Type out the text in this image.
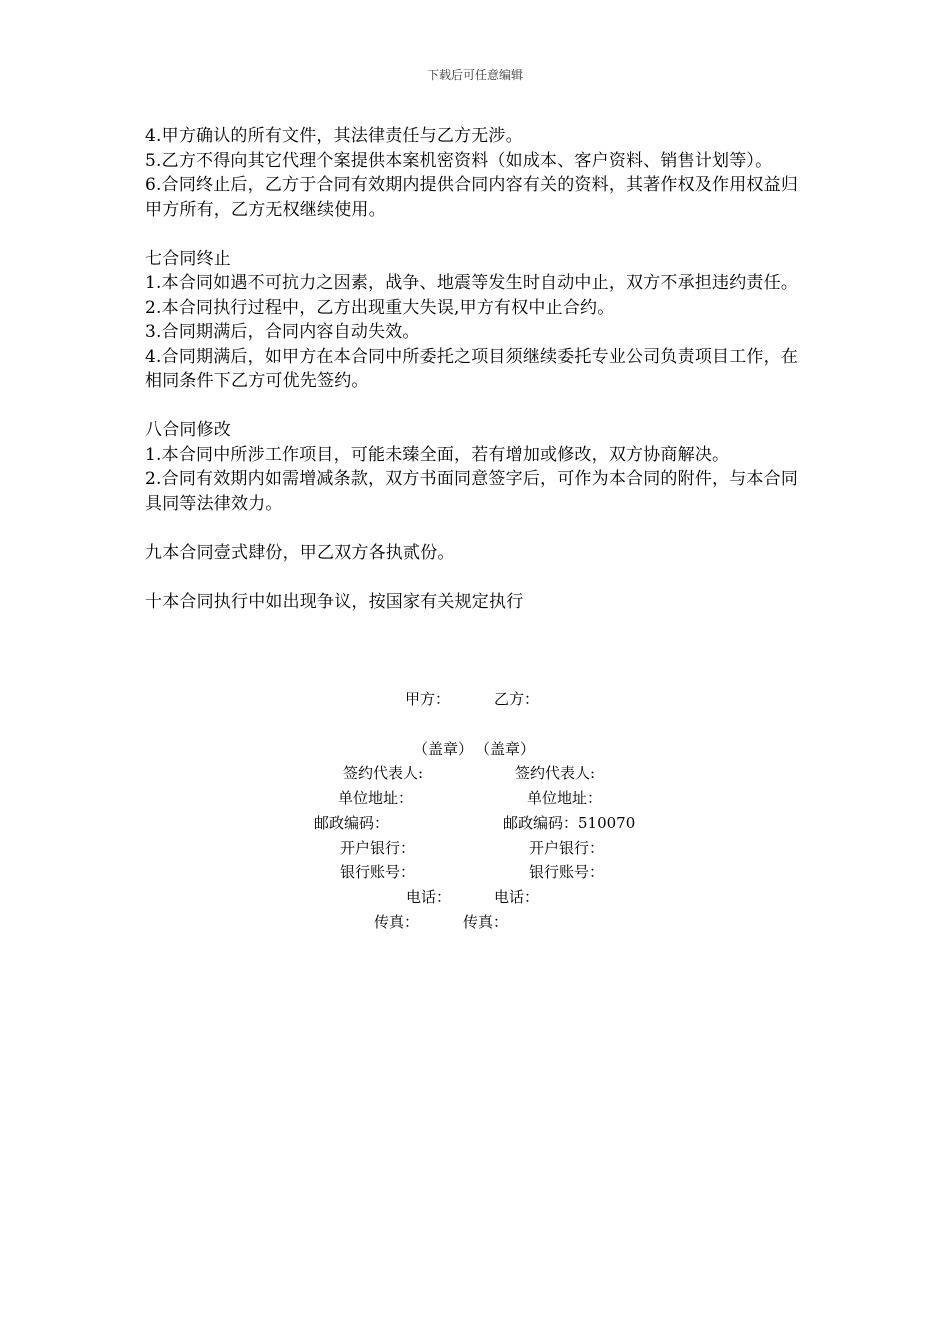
下载后可任意编辑

4.甲方确认的所有文件，其法律责任与乙方无涉。

5.乙方不得向其它代理个案提供本案机密资料（如成本、客户资料、销售计划等）。

6.合同终止后，乙方于合同有效期内提供合同内容有关的资料，其著作权及作用权益归甲方所有，乙方无权继续使用。

七合同终止

1.本合同如遇不可抗力之因素，战争、地震等发生时自动中止，双方不承担违约责任。

2.本合同执行过程中，乙方出现重大失误,甲方有权中止合约。

3.合同期满后，合同内容自动失效。

4.合同期满后，如甲方在本合同中所委托之项目须继续委托专业公司负责项目工作，在相同条件下乙方可优先签约。

八合同修改

1.本合同中所涉工作项目，可能未臻全面，若有增加或修改，双方协商解决。

2.合同有效期内如需增减条款，双方书面同意签字后，可作为本合同的附件，与本合同具同等法律效力。

九本合同壹式肆份，甲乙双方各执贰份。

十本合同执行中如出现争议，按国家有关规定执行

甲方：	乙方：
（盖章） （盖章）
签约代表人:	签约代表人:
单位地址：	单位地址：
邮政编码：	邮政编码：510070
开户银行：	开户银行：
银行账号：	银行账号：
电话：	电话：
传真：	传真：
